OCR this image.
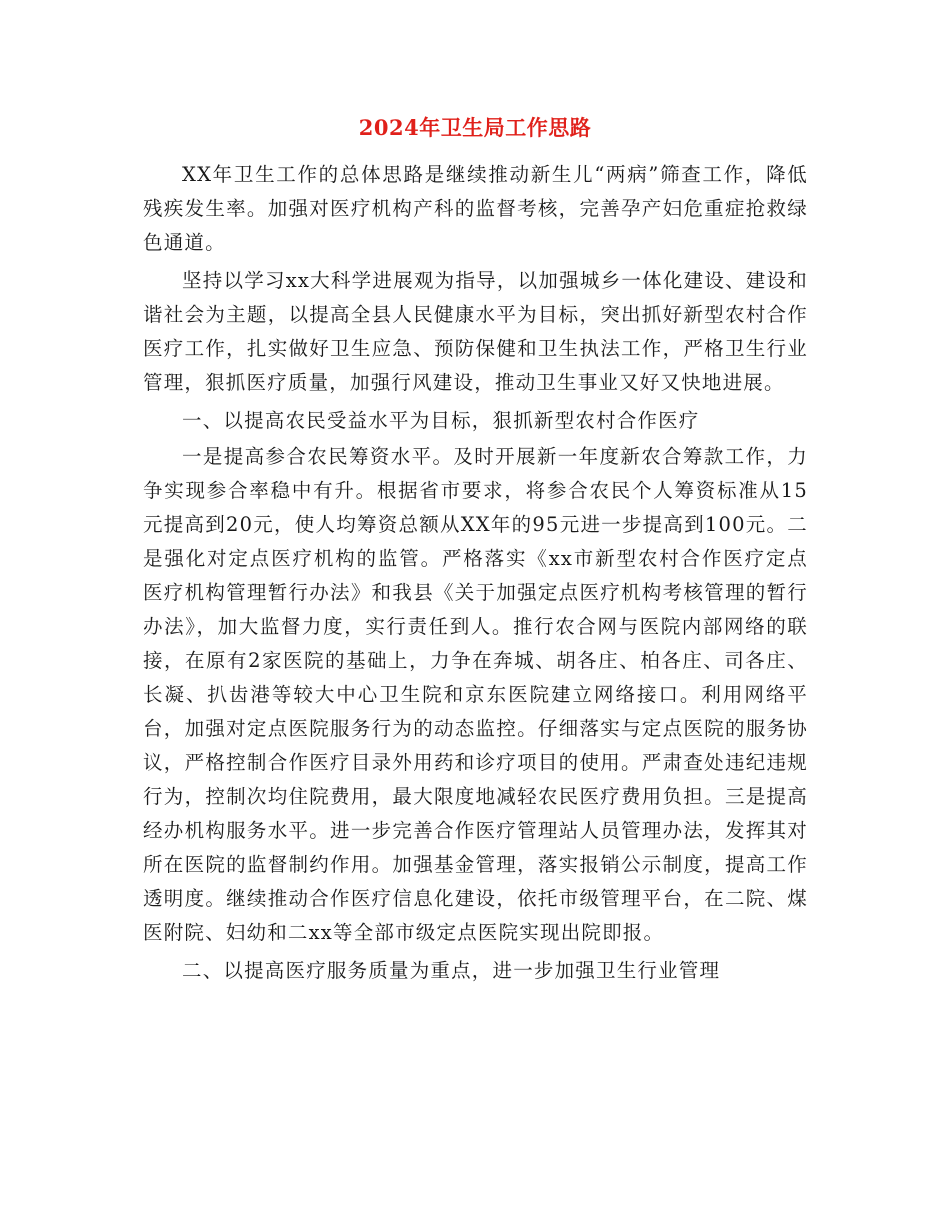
2024年卫生局工作思路

XX年卫生工作的总体思路是继续推动新生儿“两病”筛查工作，降低残疾发生率。加强对医疗机构产科的监督考核，完善孕产妇危重症抢救绿色通道。

坚持以学习xx大科学进展观为指导，以加强城乡一体化建设、建设和谐社会为主题，以提高全县人民健康水平为目标，突出抓好新型农村合作医疗工作，扎实做好卫生应急、预防保健和卫生执法工作，严格卫生行业管理，狠抓医疗质量，加强行风建设，推动卫生事业又好又快地进展。

一、以提高农民受益水平为目标，狠抓新型农村合作医疗

一是提高参合农民筹资水平。及时开展新一年度新农合筹款工作，力争实现参合率稳中有升。根据省市要求，将参合农民个人筹资标准从15元提高到20元，使人均筹资总额从XX年的95元进一步提高到100元。二是强化对定点医疗机构的监管。严格落实《xx市新型农村合作医疗定点医疗机构管理暂行办法》和我县《关于加强定点医疗机构考核管理的暂行办法》，加大监督力度，实行责任到人。推行农合网与医院内部网络的联接，在原有2家医院的基础上，力争在奔城、胡各庄、柏各庄、司各庄、长凝、扒齿港等较大中心卫生院和京东医院建立网络接口。利用网络平台，加强对定点医院服务行为的动态监控。仔细落实与定点医院的服务协议，严格控制合作医疗目录外用药和诊疗项目的使用。严肃查处违纪违规行为，控制次均住院费用，最大限度地减轻农民医疗费用负担。三是提高经办机构服务水平。进一步完善合作医疗管理站人员管理办法，发挥其对所在医院的监督制约作用。加强基金管理，落实报销公示制度，提高工作透明度。继续推动合作医疗信息化建设，依托市级管理平台，在二院、煤医附院、妇幼和二xx等全部市级定点医院实现出院即报。

二、以提高医疗服务质量为重点，进一步加强卫生行业管理
